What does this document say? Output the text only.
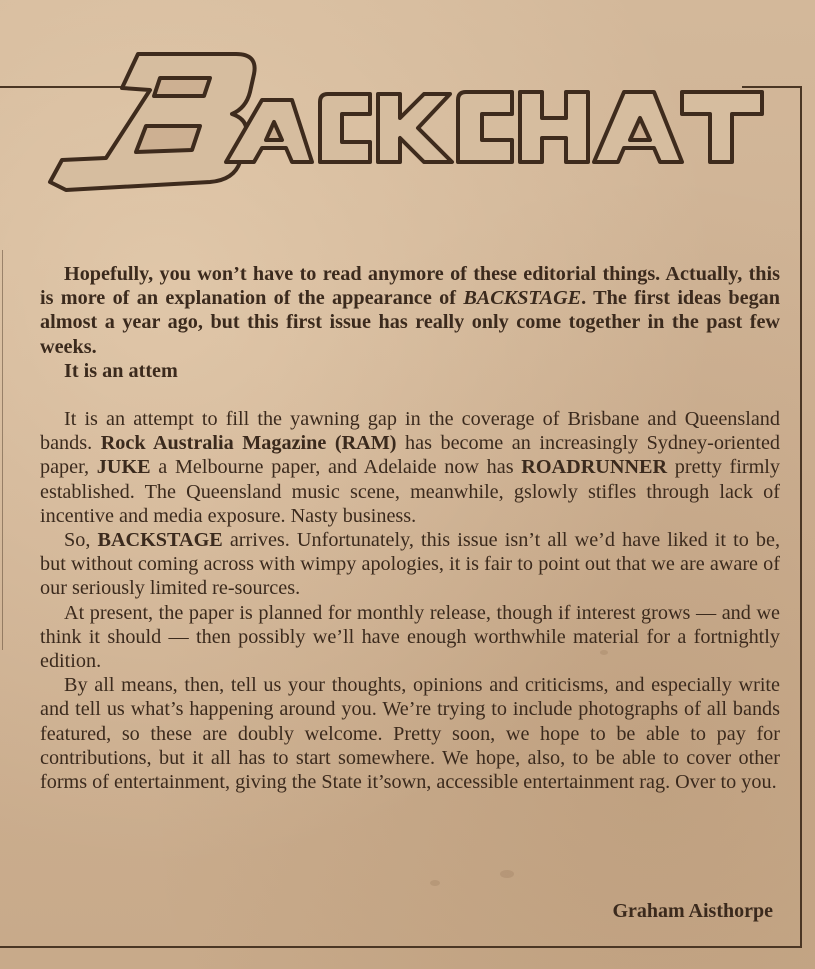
Hopefully, you won’t have to read anymore of these editorial things. Actually, this is more of an explanation of the appearance of BACKSTAGE. The first ideas began almost a year ago, but this first issue has really only come together in the past few weeks.

It is an attem

It is an attempt to fill the yawning gap in the coverage of Brisbane and Queensland bands. Rock Australia Magazine (RAM) has become an increasingly Sydney-oriented paper, JUKE a Melbourne paper, and Adelaide now has ROADRUNNER pretty firmly established. The Queensland music scene, meanwhile, gslowly stifles through lack of incentive and media exposure. Nasty business.

So, BACKSTAGE arrives. Unfortunately, this issue isn’t all we’d have liked it to be, but without coming across with wimpy apologies, it is fair to point out that we are aware of our seriously limited re-sources.

At present, the paper is planned for monthly release, though if interest grows — and we think it should — then possibly we’ll have enough worthwhile material for a fortnightly edition.

By all means, then, tell us your thoughts, opinions and criticisms, and especially write and tell us what’s happening around you. We’re trying to include photographs of all bands featured, so these are doubly welcome. Pretty soon, we hope to be able to pay for contributions, but it all has to start somewhere. We hope, also, to be able to cover other forms of entertainment, giving the State it’sown, accessible entertainment rag. Over to you.

Graham Aisthorpe
